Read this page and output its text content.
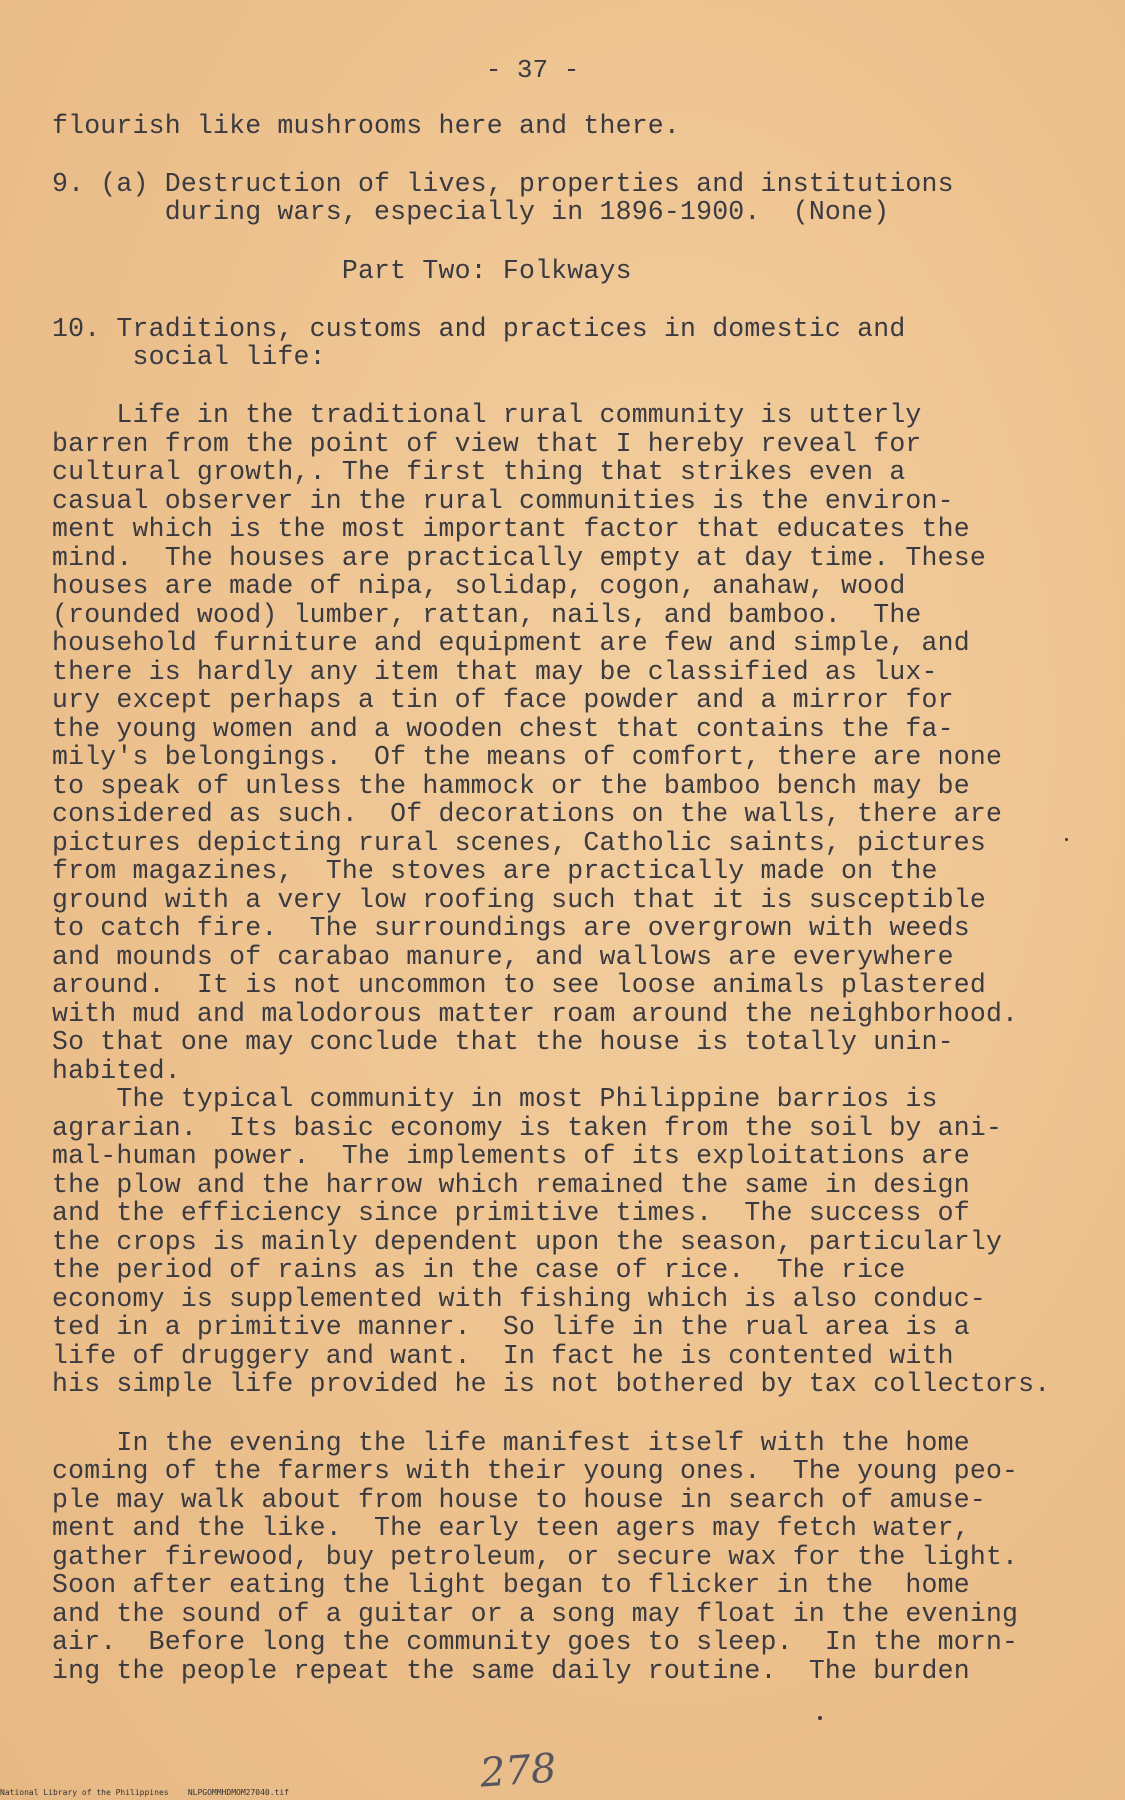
- 37 -
flourish like mushrooms here and there.
9. (a) Destruction of lives, properties and institutions
during wars, especially in 1896-1900.  (None)
Part Two: Folkways
10. Traditions, customs and practices in domestic and
social life:
Life in the traditional rural community is utterly
barren from the point of view that I hereby reveal for
cultural growth,. The first thing that strikes even a
casual observer in the rural communities is the environ-
ment which is the most important factor that educates the
mind.  The houses are practically empty at day time. These
houses are made of nipa, solidap, cogon, anahaw, wood
(rounded wood) lumber, rattan, nails, and bamboo.  The
household furniture and equipment are few and simple, and
there is hardly any item that may be classified as lux-
ury except perhaps a tin of face powder and a mirror for
the young women and a wooden chest that contains the fa-
mily's belongings.  Of the means of comfort, there are none
to speak of unless the hammock or the bamboo bench may be
considered as such.  Of decorations on the walls, there are
pictures depicting rural scenes, Catholic saints, pictures
from magazines,  The stoves are practically made on the
ground with a very low roofing such that it is susceptible
to catch fire.  The surroundings are overgrown with weeds
and mounds of carabao manure, and wallows are everywhere
around.  It is not uncommon to see loose animals plastered
with mud and malodorous matter roam around the neighborhood.
So that one may conclude that the house is totally unin-
habited.
The typical community in most Philippine barrios is
agrarian.  Its basic economy is taken from the soil by ani-
mal-human power.  The implements of its exploitations are
the plow and the harrow which remained the same in design
and the efficiency since primitive times.  The success of
the crops is mainly dependent upon the season, particularly
the period of rains as in the case of rice.  The rice
economy is supplemented with fishing which is also conduc-
ted in a primitive manner.  So life in the rual area is a
life of druggery and want.  In fact he is contented with
his simple life provided he is not bothered by tax collectors.
In the evening the life manifest itself with the home
coming of the farmers with their young ones.  The young peo-
ple may walk about from house to house in search of amuse-
ment and the like.  The early teen agers may fetch water,
gather firewood, buy petroleum, or secure wax for the light.
Soon after eating the light began to flicker in the  home
and the sound of a guitar or a song may float in the evening
air.  Before long the community goes to sleep.  In the morn-
ing the people repeat the same daily routine.  The burden
278
National Library of the Philippines    NLPGOMMHDMOM27040.tif
